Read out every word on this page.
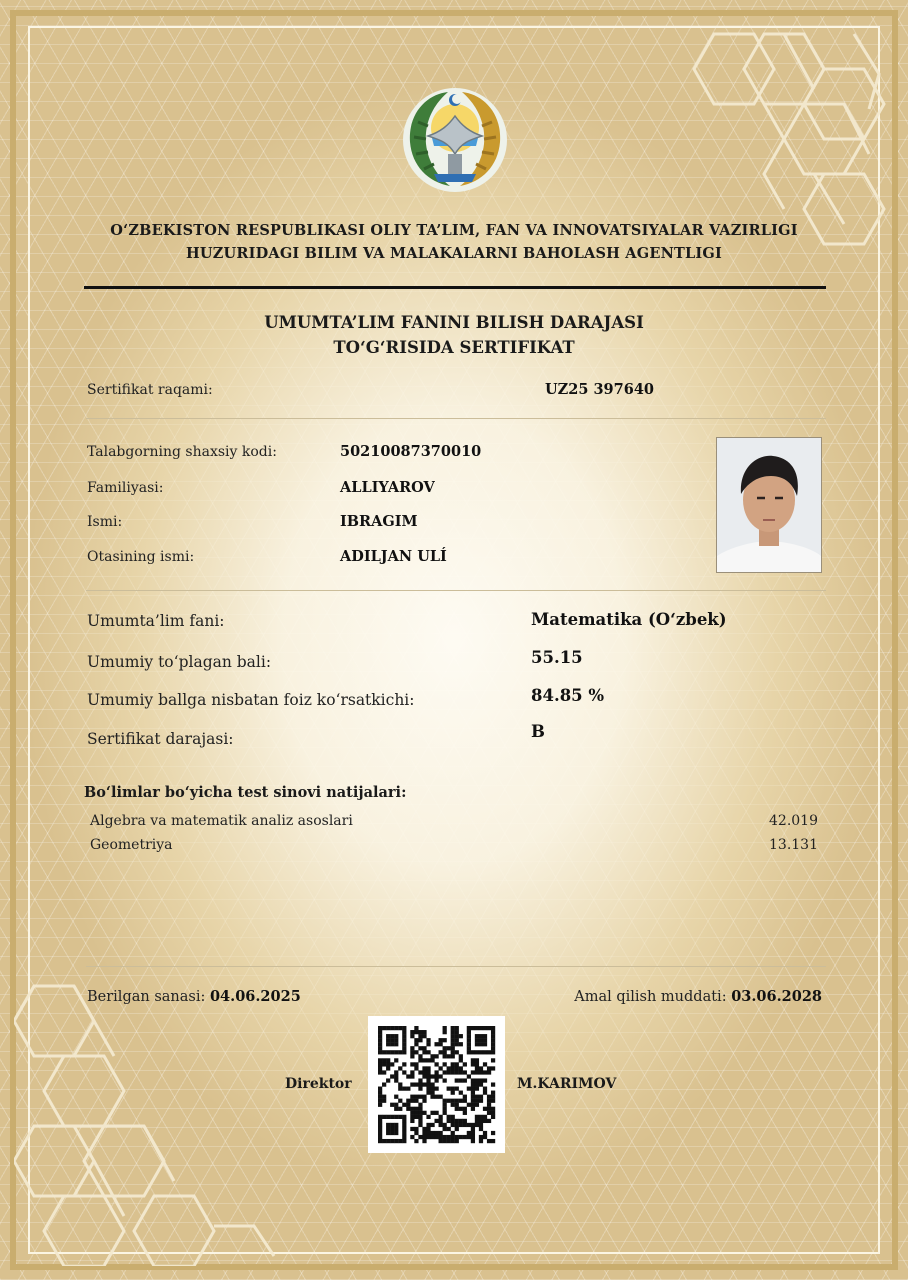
O‘ZBEKISTON RESPUBLIKASI OLIY TA’LIM, FAN VA INNOVATSIYALAR VAZIRLIGI
HUZURIDAGI BILIM VA MALAKALARNI BAHOLASH AGENTLIGI
UMUMTA’LIM FANINI BILISH DARAJASI
TO‘G‘RISIDA SERTIFIKAT
Sertifikat raqami:	UZ25 397640
Talabgorning shaxsiy kodi:	50210087370010
Familiyasi:	ALLIYAROV
Ismi:	IBRAGIM
Otasining ismi:	ADILJAN ULÍ
Umumta’lim fani:	Matematika (O‘zbek)
Umumiy to‘plagan bali:	55.15
Umumiy ballga nisbatan foiz ko‘rsatkichi:	84.85 %
Sertifikat darajasi:	B
Bo‘limlar bo‘yicha test sinovi natijalari:
Algebra va matematik analiz asoslari	42.019
Geometriya	13.131
Berilgan sanasi: 04.06.2025	Amal qilish muddati: 03.06.2028
Direktor	M.KARIMOV
